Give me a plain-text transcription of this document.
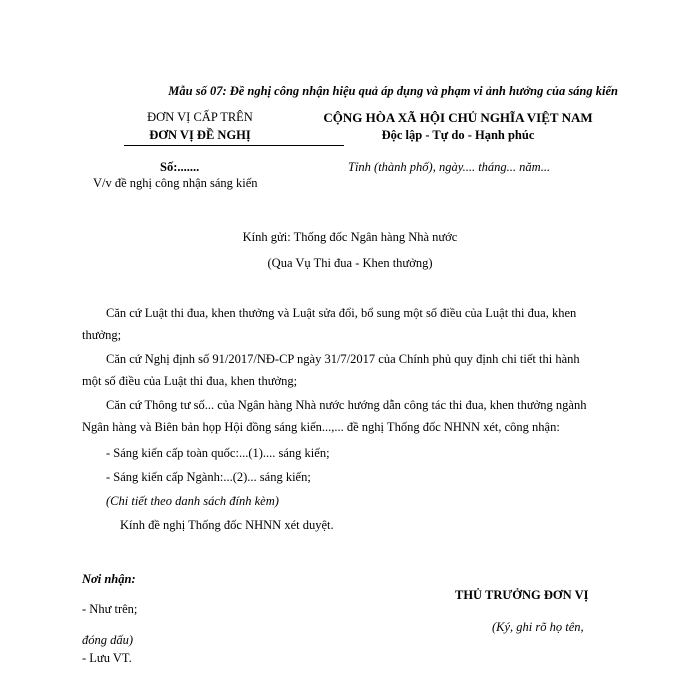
Mẫu số 07: Đề nghị công nhận hiệu quả áp dụng và phạm vi ảnh hưởng của sáng kiến
ĐƠN VỊ CẤP TRÊN
ĐƠN VỊ ĐỀ NGHỊ
Số:.......
V/v đề nghị công nhận sáng kiến
CỘNG HÒA XÃ HỘI CHỦ NGHĨA VIỆT NAM
Độc lập - Tự do - Hạnh phúc
Tỉnh (thành phố), ngày.... tháng... năm...
Kính gửi: Thống đốc Ngân hàng Nhà nước
(Qua Vụ Thi đua - Khen thưởng)
Căn cứ Luật thi đua, khen thưởng và Luật sửa đổi, bổ sung một số điều của Luật thi đua, khen
thưởng;
Căn cứ Nghị định số 91/2017/NĐ-CP ngày 31/7/2017 của Chính phủ quy định chi tiết thi hành
một số điều của Luật thi đua, khen thưởng;
Căn cứ Thông tư số... của Ngân hàng Nhà nước hướng dẫn công tác thi đua, khen thưởng ngành
Ngân hàng và Biên bản họp Hội đồng sáng kiến...,... đề nghị Thống đốc NHNN xét, công nhận:
- Sáng kiến cấp toàn quốc:...(1).... sáng kiến;
- Sáng kiến cấp Ngành:...(2)... sáng kiến;
(Chi tiết theo danh sách đính kèm)
Kính đề nghị Thống đốc NHNN xét duyệt.
Nơi nhận:
- Như trên;
đóng dấu)
- Lưu VT.
THỦ TRƯỞNG ĐƠN VỊ
(Ký, ghi rõ họ tên,
